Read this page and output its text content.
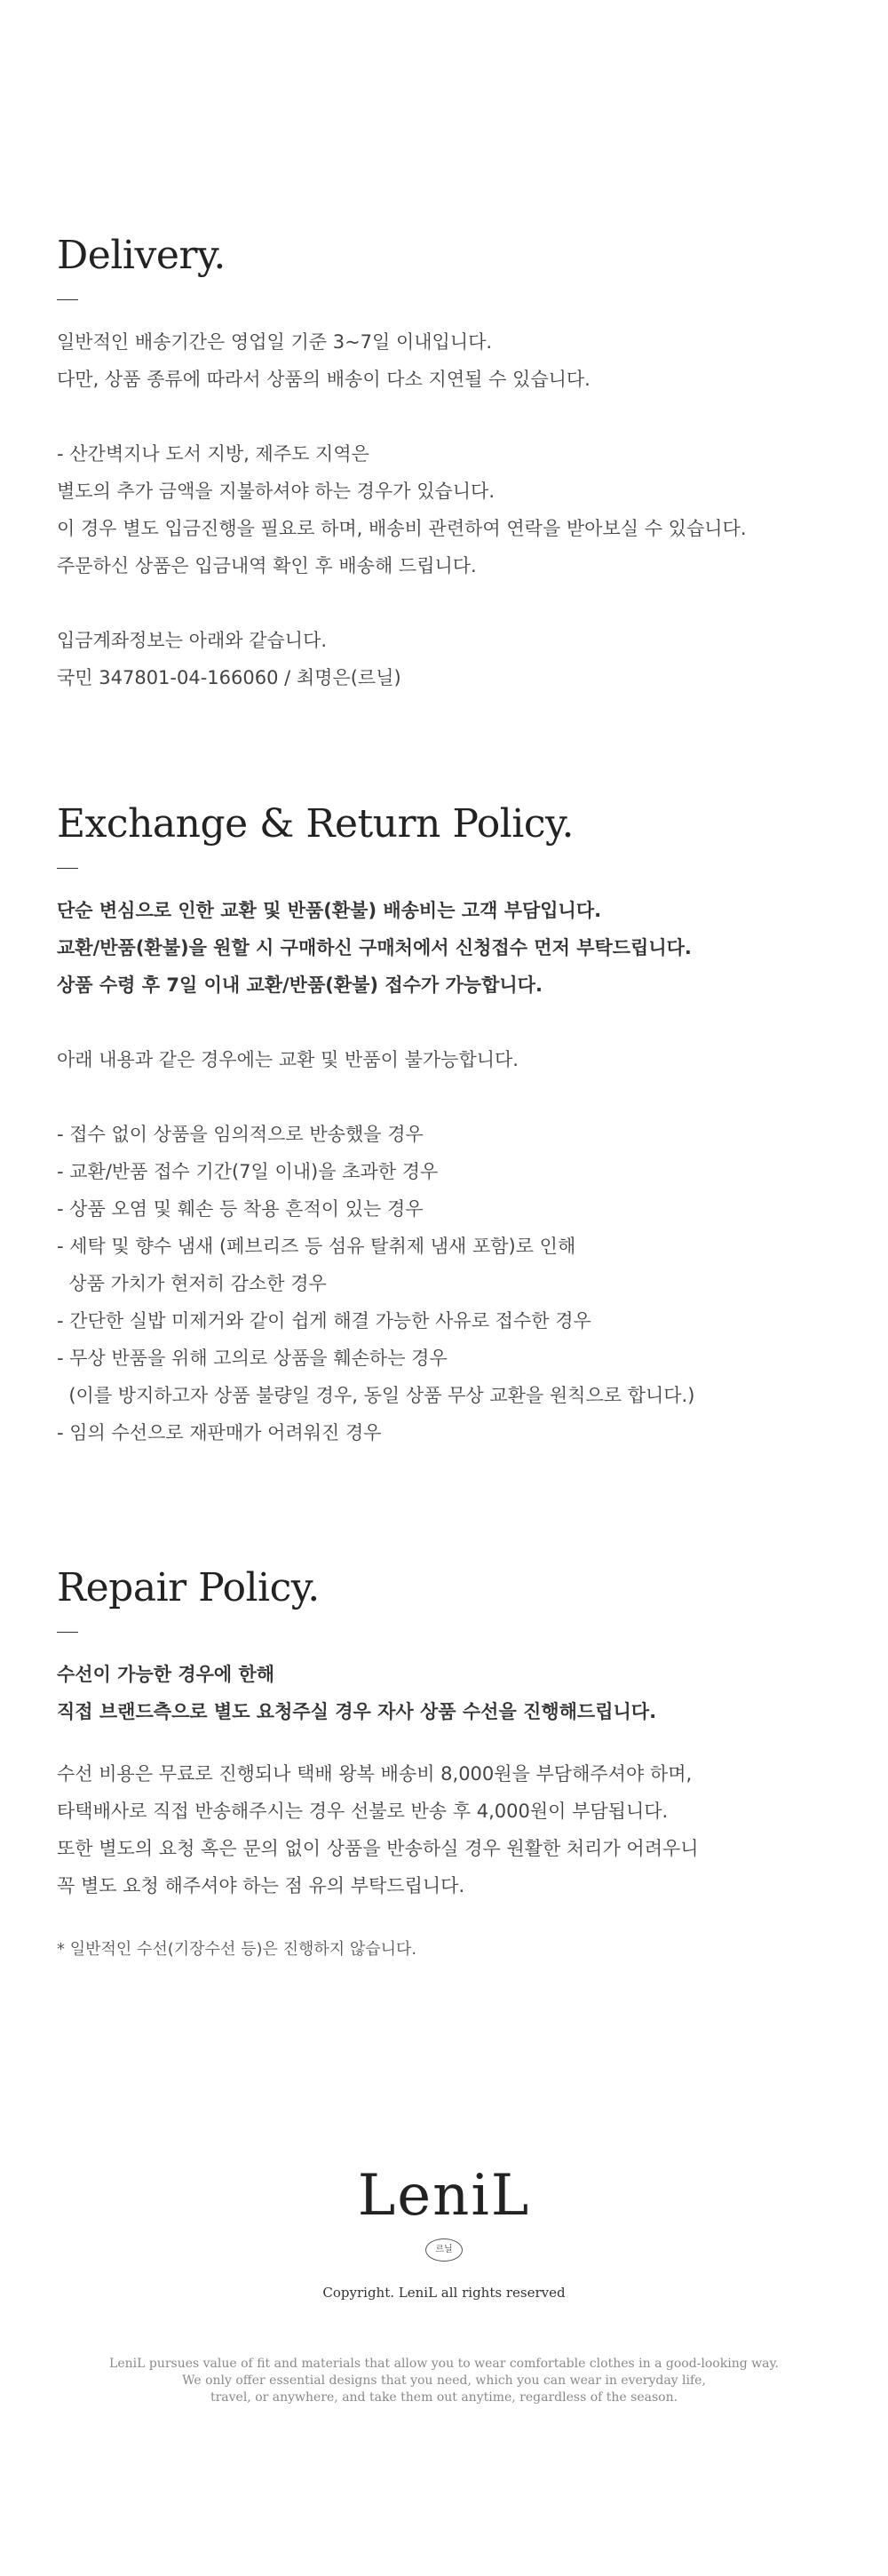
Delivery.
일반적인 배송기간은 영업일 기준 3~7일 이내입니다.
다만, 상품 종류에 따라서 상품의 배송이 다소 지연될 수 있습니다.
- 산간벽지나 도서 지방, 제주도 지역은
별도의 추가 금액을 지불하셔야 하는 경우가 있습니다.
이 경우 별도 입금진행을 필요로 하며, 배송비 관련하여 연락을 받아보실 수 있습니다.
주문하신 상품은 입금내역 확인 후 배송해 드립니다.
입금계좌정보는 아래와 같습니다.
국민 347801-04-166060 / 최명은(르닐)
Exchange & Return Policy.
단순 변심으로 인한 교환 및 반품(환불) 배송비는 고객 부담입니다.
교환/반품(환불)을 원할 시 구매하신 구매처에서 신청접수 먼저 부탁드립니다.
상품 수령 후 7일 이내 교환/반품(환불) 접수가 가능합니다.
아래 내용과 같은 경우에는 교환 및 반품이 불가능합니다.
- 접수 없이 상품을 임의적으로 반송했을 경우
- 교환/반품 접수 기간(7일 이내)을 초과한 경우
- 상품 오염 및 훼손 등 착용 흔적이 있는 경우
- 세탁 및 향수 냄새 (페브리즈 등 섬유 탈취제 냄새 포함)로 인해
상품 가치가 현저히 감소한 경우
- 간단한 실밥 미제거와 같이 쉽게 해결 가능한 사유로 접수한 경우
- 무상 반품을 위해 고의로 상품을 훼손하는 경우
(이를 방지하고자 상품 불량일 경우, 동일 상품 무상 교환을 원칙으로 합니다.)
- 임의 수선으로 재판매가 어려워진 경우
Repair Policy.
수선이 가능한 경우에 한해
직접 브랜드측으로 별도 요청주실 경우 자사 상품 수선을 진행해드립니다.
수선 비용은 무료로 진행되나 택배 왕복 배송비 8,000원을 부담해주셔야 하며,
타택배사로 직접 반송해주시는 경우 선불로 반송 후 4,000원이 부담됩니다.
또한 별도의 요청 혹은 문의 없이 상품을 반송하실 경우 원활한 처리가 어려우니
꼭 별도 요청 해주셔야 하는 점 유의 부탁드립니다.
* 일반적인 수선(기장수선 등)은 진행하지 않습니다.
LeniL
르닐
Copyright. LeniL all rights reserved
LeniL pursues value of fit and materials that allow you to wear comfortable clothes in a good-looking way.
We only offer essential designs that you need, which you can wear in everyday life,
travel, or anywhere, and take them out anytime, regardless of the season.
